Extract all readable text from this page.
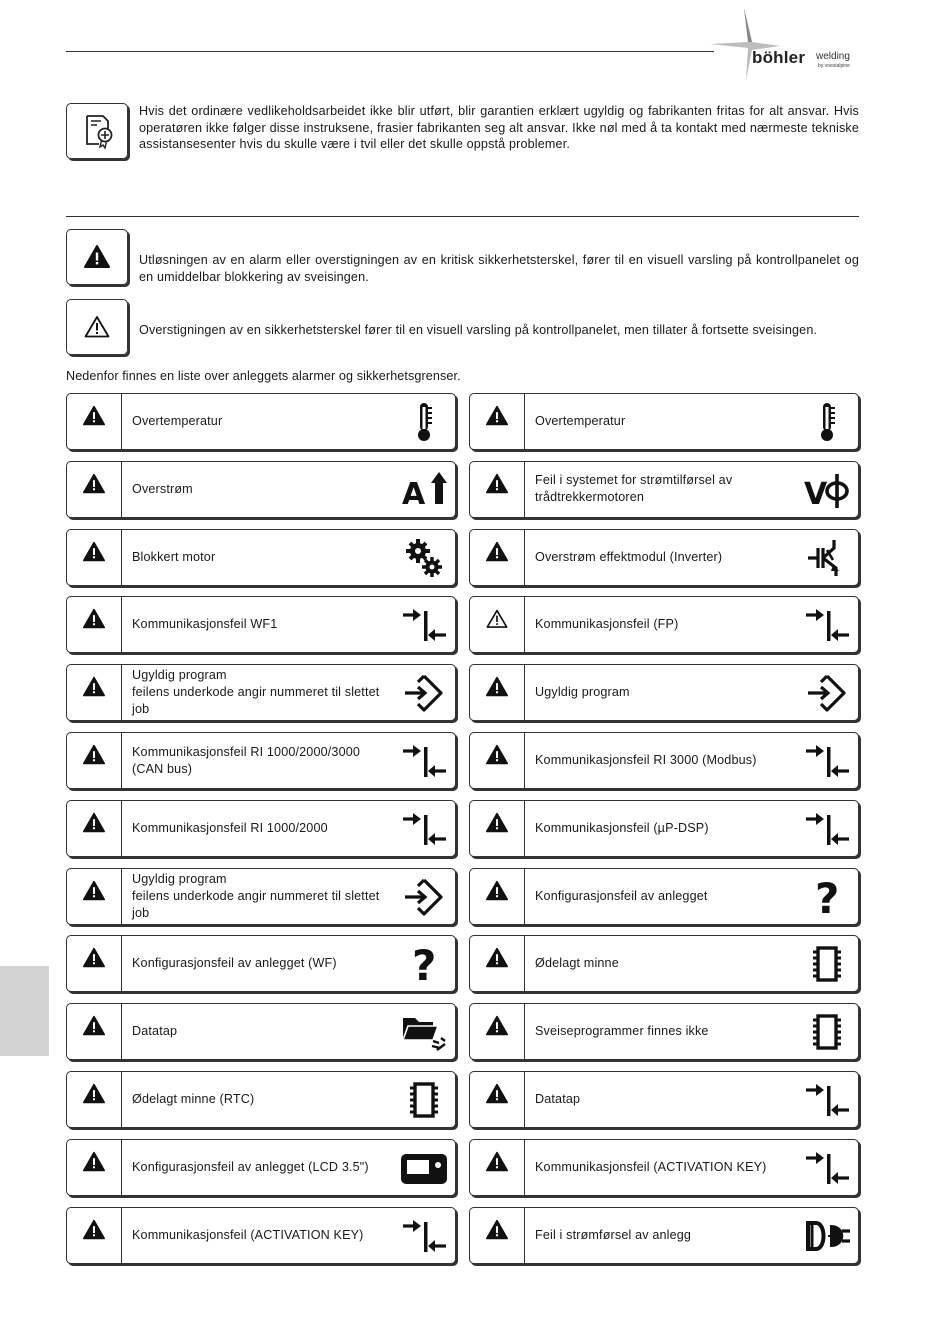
böhler welding
by voestalpine
Hvis det ordinære vedlikeholdsarbeidet ikke blir utført, blir garantien erklært ugyldig og fabrikanten fritas for alt ansvar. Hvis operatøren ikke følger disse instruksene, frasier fabrikanten seg alt ansvar. Ikke nøl med å ta kontakt med nærmeste tekniske assistansesenter hvis du skulle være i tvil eller det skulle oppstå problemer.
Utløsningen av en alarm eller overstigningen av en kritisk sikkerhetsterskel, fører til en visuell varsling på kontrollpanelet og en umiddelbar blokkering av sveisingen.
Overstigningen av en sikkerhetsterskel fører til en visuell varsling på kontrollpanelet, men tillater å fortsette sveisingen.
Nedenfor finnes en liste over anleggets alarmer og sikkerhetsgrenser.
Overtemperatur
Overstrøm	A
Blokkert motor
Kommunikasjonsfeil WF1
Ugyldig program
feilens underkode angir nummeret til slettet job
Kommunikasjonsfeil RI 1000/2000/3000 (CAN bus)
Kommunikasjonsfeil RI 1000/2000
Ugyldig program
feilens underkode angir nummeret til slettet job
Konfigurasjonsfeil av anlegget (WF)	?
Datatap
Ødelagt minne (RTC)
Konfigurasjonsfeil av anlegget (LCD 3.5")
Kommunikasjonsfeil (ACTIVATION KEY)
Overtemperatur
Feil i systemet for strømtilførsel av trådtrekkermotoren	V
Overstrøm effektmodul (Inverter)
Kommunikasjonsfeil (FP)
Ugyldig program
Kommunikasjonsfeil RI 3000 (Modbus)
Kommunikasjonsfeil (µP-DSP)
Konfigurasjonsfeil av anlegget	?
Ødelagt minne
Sveiseprogrammer finnes ikke
Datatap
Kommunikasjonsfeil (ACTIVATION KEY)
Feil i strømførsel av anlegg
